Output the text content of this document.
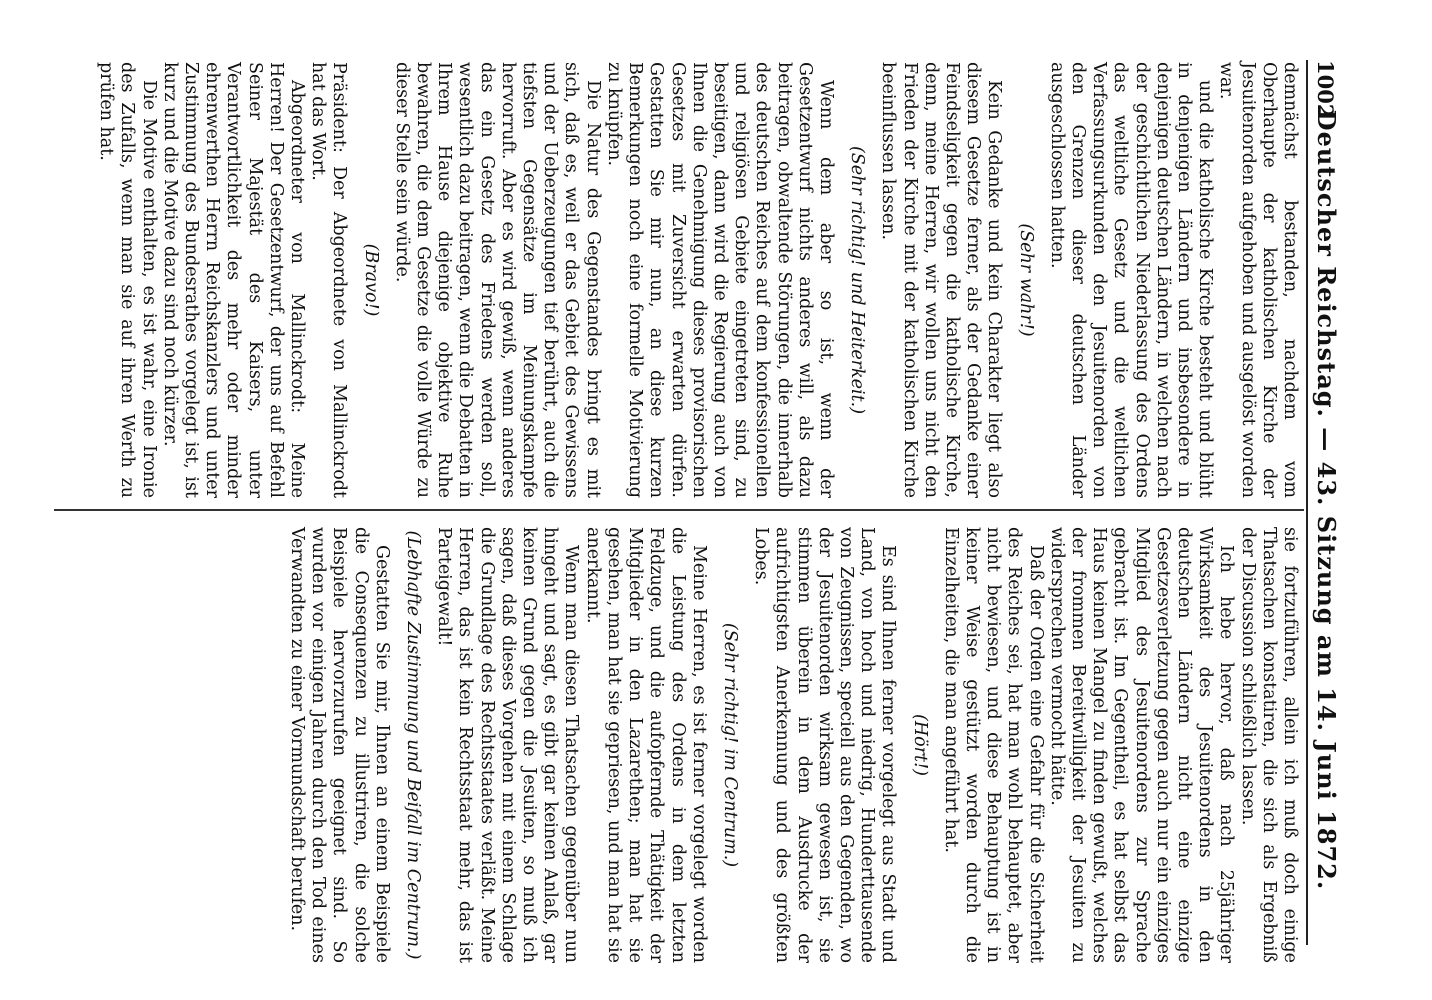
1002
Deutscher Reichstag. — 43. Sitzung am 14. Juni 1872.

demnächst bestanden, nachdem vom Oberhaupte der katholischen Kirche der Jesuitenorden aufgehoben und ausgelöst worden war.

und die katholische Kirche besteht und blüht in denjenigen Ländern und insbesondere in denjenigen deutschen Ländern, in welchen nach der geschichtlichen Niederlassung des Ordens das weltliche Gesetz und die weltlichen Verfassungsurkunden den Jesuitenorden von den Grenzen dieser deutschen Länder ausgeschlossen hatten.

(Sehr wahr!)

Kein Gedanke und kein Charakter liegt also diesem Gesetze ferner, als der Gedanke einer Feindseligkeit gegen die katholische Kirche, denn, meine Herren, wir wollen uns nicht den Frieden der Kirche mit der katholischen Kirche beeinflussen lassen.

(Sehr richtig! und Heiterkeit.)

Wenn dem aber so ist, wenn der Gesetzentwurf nichts anderes will, als dazu beitragen, obwaltende Störungen, die innerhalb des deutschen Reiches auf dem konfessionellen und religiösen Gebiete eingetreten sind, zu beseitigen, dann wird die Regierung auch von Ihnen die Genehmigung dieses provisorischen Gesetzes mit Zuversicht erwarten dürfen. Gestatten Sie mir nun, an diese kurzen Bemerkungen noch eine formelle Motivierung zu knüpfen.

Die Natur des Gegenstandes bringt es mit sich, daß es, weil er das Gebiet des Gewissens und der Ueberzeugungen tief berührt, auch die tiefsten Gegensätze im Meinungskampfe hervorruft. Aber es wird gewiß, wenn anderes das ein Gesetz des Friedens werden soll, wesentlich dazu beitragen, wenn die Debatten in Ihrem Hause diejenige objektive Ruhe bewahren, die dem Gesetze die volle Würde zu dieser Stelle sein würde.

(Bravo!)

Präsident: Der Abgeordnete von Mallinckrodt hat das Wort.

Abgeordneter von Mallinckrodt: Meine Herren! Der Gesetzentwurf, der uns auf Befehl Seiner Majestät des Kaisers, unter Verantwortlichkeit des mehr oder minder ehrenwerthen Herrn Reichskanzlers und unter Zustimmung des Bundesrathes vorgelegt ist, ist kurz und die Motive dazu sind noch kürzer.

Die Motive enthalten, es ist wahr, eine Ironie des Zufalls, wenn man sie auf ihren Werth zu prüfen hat.

sie fortzuführen, allein ich muß doch einige Thatsachen konstatiren, die sich als Ergebniß der Discussion schließlich lassen.

Ich hebe hervor, daß nach 25jähriger Wirksamkeit des Jesuitenordens in den deutschen Ländern nicht eine einzige Gesetzesverletzung gegen auch nur ein einziges Mitglied des Jesuitenordens zur Sprache gebracht ist. Im Gegentheil, es hat selbst das Haus keinen Mangel zu finden gewußt, welches der frommen Bereitwilligkeit der Jesuiten zu widersprechen vermocht hätte.

Daß der Orden eine Gefahr für die Sicherheit des Reiches sei, hat man wohl behauptet, aber nicht bewiesen, und diese Behauptung ist in keiner Weise gestützt worden durch die Einzelheiten, die man angeführt hat.

(Hört!)

Es sind Ihnen ferner vorgelegt aus Stadt und Land, von hoch und niedrig, Hunderttausende von Zeugnissen, speciell aus den Gegenden, wo der Jesuitenorden wirksam gewesen ist, sie stimmen überein in dem Ausdrucke der aufrichtigsten Anerkennung und des größten Lobes.

(Sehr richtig! im Centrum.)

Meine Herren, es ist ferner vorgelegt worden die Leistung des Ordens in dem letzten Feldzuge, und die aufopfernde Thätigkeit der Mitglieder in den Lazarethen; man hat sie gesehen, man hat sie gepriesen, und man hat sie anerkannt.

Wenn man diesen Thatsachen gegenüber nun hingeht und sagt, es gibt gar keinen Anlaß, gar keinen Grund gegen die Jesuiten, so muß ich sagen, daß dieses Vorgehen mit einem Schlage die Grundlage des Rechtsstaates verläßt. Meine Herren, das ist kein Rechtsstaat mehr, das ist Parteigewalt!

(Lebhafte Zustimmung und Beifall im Centrum.)

Gestatten Sie mir, Ihnen an einem Beispiele die Consequenzen zu illustriren, die solche Beispiele hervorzurufen geeignet sind. So wurden vor einigen Jahren durch den Tod eines Verwandten zu einer Vormundschaft berufen.
